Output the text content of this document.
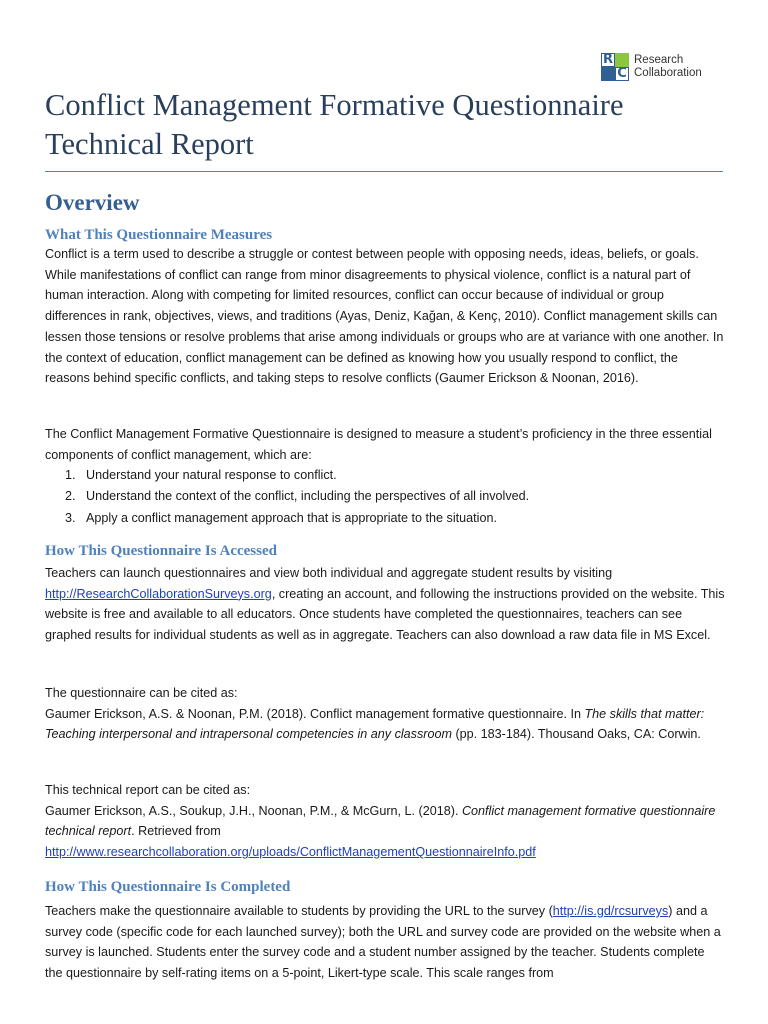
R
C
Research
Collaboration
Conflict Management Formative Questionnaire
Technical Report
Overview
What This Questionnaire Measures
Conflict is a term used to describe a struggle or contest between people with opposing needs, ideas, beliefs, or goals. While manifestations of conflict can range from minor disagreements to physical violence, conflict is a natural part of human interaction. Along with competing for limited resources, conflict can occur because of individual or group differences in rank, objectives, views, and traditions (Ayas, Deniz, Kağan, & Kenç, 2010). Conflict management skills can lessen those tensions or resolve problems that arise among individuals or groups who are at variance with one another. In the context of education, conflict management can be defined as knowing how you usually respond to conflict, the reasons behind specific conflicts, and taking steps to resolve conflicts (Gaumer Erickson & Noonan, 2016).
The Conflict Management Formative Questionnaire is designed to measure a student’s proficiency in the three essential components of conflict management, which are:
1. Understand your natural response to conflict.
2. Understand the context of the conflict, including the perspectives of all involved.
3. Apply a conflict management approach that is appropriate to the situation.
How This Questionnaire Is Accessed
Teachers can launch questionnaires and view both individual and aggregate student results by visiting
http://ResearchCollaborationSurveys.org, creating an account, and following the instructions provided on the website. This website is free and available to all educators. Once students have completed the questionnaires, teachers can see graphed results for individual students as well as in aggregate. Teachers can also download a raw data file in MS Excel.
The questionnaire can be cited as:
Gaumer Erickson, A.S. & Noonan, P.M. (2018). Conflict management formative questionnaire. In The skills that matter: Teaching interpersonal and intrapersonal competencies in any classroom (pp. 183-184). Thousand Oaks, CA: Corwin.
This technical report can be cited as:
Gaumer Erickson, A.S., Soukup, J.H., Noonan, P.M., & McGurn, L. (2018). Conflict management formative questionnaire technical report. Retrieved from
http://www.researchcollaboration.org/uploads/ConflictManagementQuestionnaireInfo.pdf
How This Questionnaire Is Completed
Teachers make the questionnaire available to students by providing the URL to the survey (http://is.gd/rcsurveys) and a survey code (specific code for each launched survey); both the URL and survey code are provided on the website when a survey is launched. Students enter the survey code and a student number assigned by the teacher. Students complete the questionnaire by self-rating items on a 5-point, Likert-type scale. This scale ranges from
